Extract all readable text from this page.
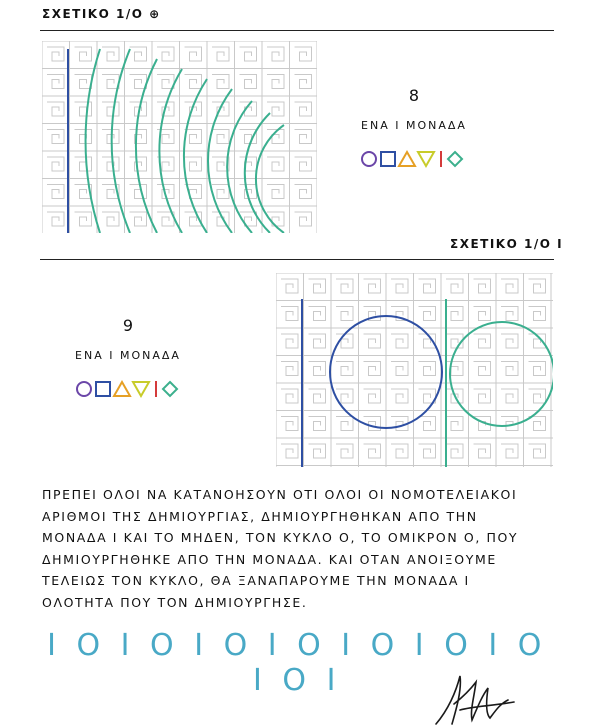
ΣΧΕΤΙΚΟ 1/Ο ⊕
8
ΕΝΑ Ι ΜΟΝΑΔΑ
ΣΧΕΤΙΚΟ 1/Ο Ι
9
ΕΝΑ Ι ΜΟΝΑΔΑ
ΠΡΕΠΕΙ ΟΛΟΙ ΝΑ ΚΑΤΑΝΟΗΣΟΥΝ ΟΤΙ ΟΛΟΙ ΟΙ ΝΟΜΟΤΕΛΕΙΑΚΟΙ
ΑΡΙΘΜΟΙ ΤΗΣ ΔΗΜΙΟΥΡΓΙΑΣ, ΔΗΜΙΟΥΡΓΗΘΗΚΑΝ ΑΠΟ ΤΗΝ
ΜΟΝΑΔΑ Ι ΚΑΙ ΤΟ ΜΗΔΕΝ, ΤΟΝ ΚΥΚΛΟ Ο, ΤΟ ΟΜΙΚΡΟΝ Ο, ΠΟΥ
ΔΗΜΙΟΥΡΓΗΘΗΚΕ ΑΠΟ ΤΗΝ ΜΟΝΑΔΑ. ΚΑΙ ΟΤΑΝ ΑΝΟΙΞΟΥΜΕ
ΤΕΛΕΙΩΣ ΤΟΝ ΚΥΚΛΟ, ΘΑ ΞΑΝΑΠΑΡΟΥΜΕ ΤΗΝ ΜΟΝΑΔΑ Ι
ΟΛΟΤΗΤΑ ΠΟΥ ΤΟΝ ΔΗΜΙΟΥΡΓΗΣΕ.
Ι Ο Ι Ο Ι Ο Ι Ο Ι Ο Ι Ο Ι Ο Ι Ο Ι
